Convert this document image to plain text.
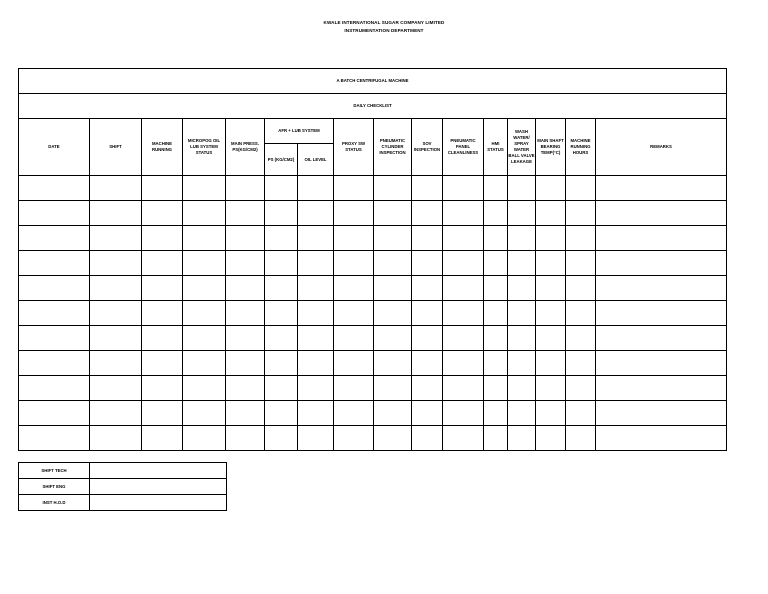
KWALE INTERNATIONAL SUGAR COMPANY LIMITED
INSTRUMENTATION DEPARTMENT
A BATCH CENTRIFUGAL MACHINE															
DAILY CHECKLIST															
DATE	SHIFT	MACHINE RUNNING	MICROPOG OIL LUB SYSTEM STATUS	MAIN PRESS. PS(KG/CM2)	AFR + LUB SYSTEM		PROXY SW STATUS	PNEUMATIC CYLINDER INSPECTION	SOV INSPECTION	PNEUMATIC PANEL CLEANLINESS	HMI STATUS	WASH WATER/ SPRAY WATER BALL VALVE LEAKAGE	MAIN SHAFT BEARING TEMP(°C)	MACHINE RUNNING HOURS	REMARKS
					PS (KG/CM2)	OIL LEVEL									

SHIFT TECH	
SHIFT ENG	
INST H.O.D	
